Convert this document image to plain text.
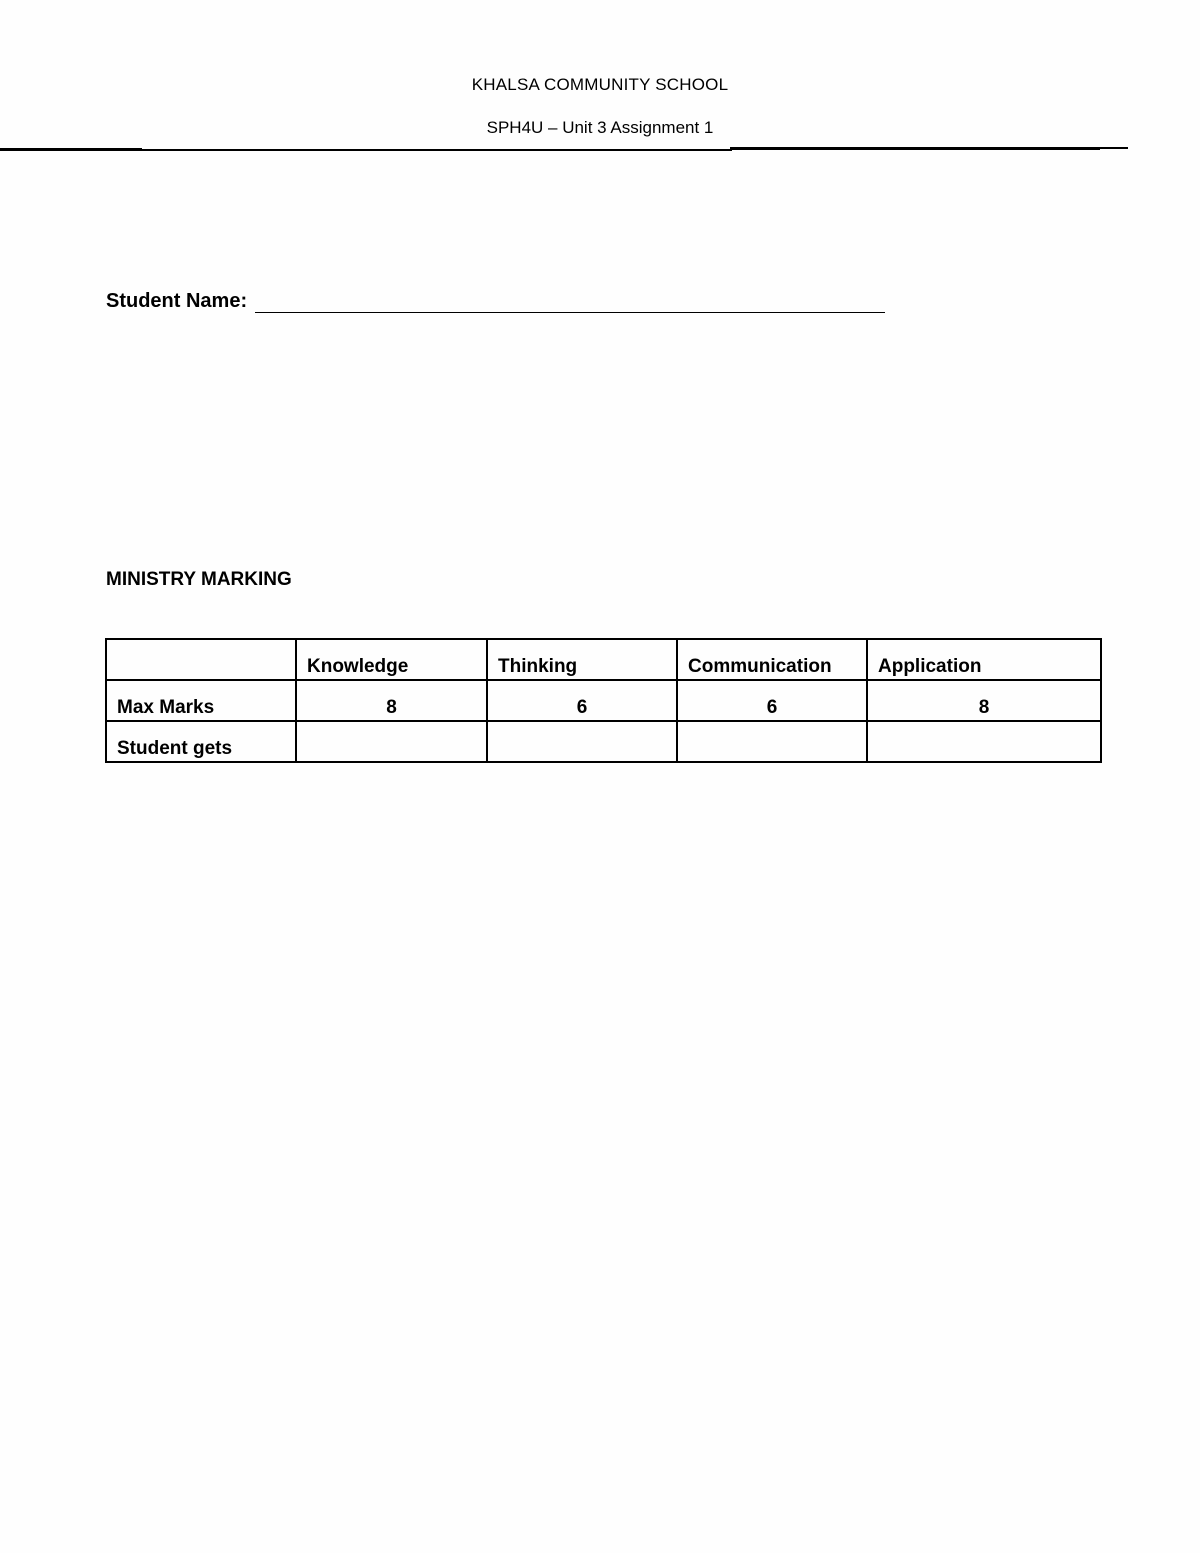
KHALSA COMMUNITY SCHOOL
SPH4U – Unit 3 Assignment 1
Student Name:
MINISTRY MARKING
	Knowledge	Thinking	Communication	Application
Max Marks	8	6	6	8
Student gets				
